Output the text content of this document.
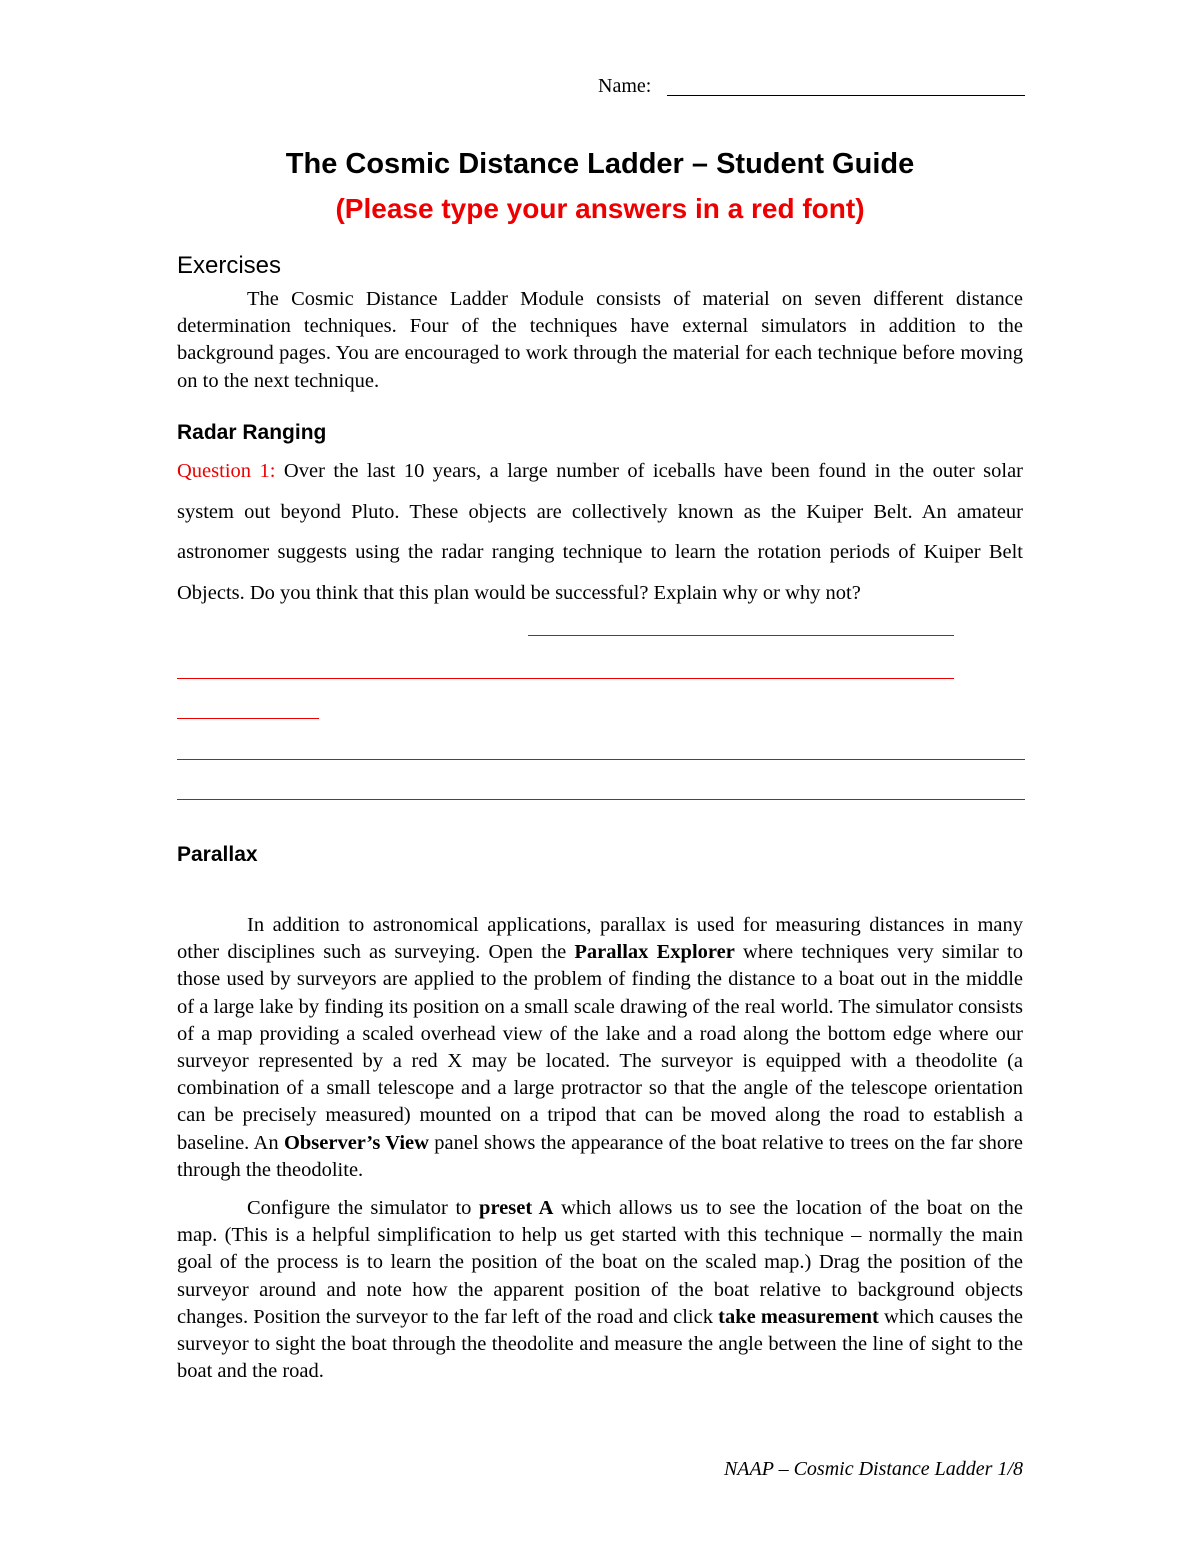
Name:
The Cosmic Distance Ladder – Student Guide
(Please type your answers in a red font)
Exercises

The Cosmic Distance Ladder Module consists of material on seven different distance determination techniques. Four of the techniques have external simulators in addition to the background pages. You are encouraged to work through the material for each technique before moving on to the next technique.

Radar Ranging
Question 1: Over the last 10 years, a large number of iceballs have been found in the outer solar system out beyond Pluto. These objects are collectively known as the Kuiper Belt. An amateur astronomer suggests using the radar ranging technique to learn the rotation periods of Kuiper Belt Objects. Do you think that this plan would be successful? Explain why or why not?
Parallax

In addition to astronomical applications, parallax is used for measuring distances in many other disciplines such as surveying. Open the Parallax Explorer where techniques very similar to those used by surveyors are applied to the problem of finding the distance to a boat out in the middle of a large lake by finding its position on a small scale drawing of the real world. The simulator consists of a map providing a scaled overhead view of the lake and a road along the bottom edge where our surveyor represented by a red X may be located. The surveyor is equipped with a theodolite (a combination of a small telescope and a large protractor so that the angle of the telescope orientation can be precisely measured) mounted on a tripod that can be moved along the road to establish a baseline. An Observer’s View panel shows the appearance of the boat relative to trees on the far shore through the theodolite.

Configure the simulator to preset A which allows us to see the location of the boat on the map. (This is a helpful simplification to help us get started with this technique – normally the main goal of the process is to learn the position of the boat on the scaled map.) Drag the position of the surveyor around and note how the apparent position of the boat relative to background objects changes. Position the surveyor to the far left of the road and click take measurement which causes the surveyor to sight the boat through the theodolite and measure the angle between the line of sight to the boat and the road.

NAAP – Cosmic Distance Ladder 1/8
